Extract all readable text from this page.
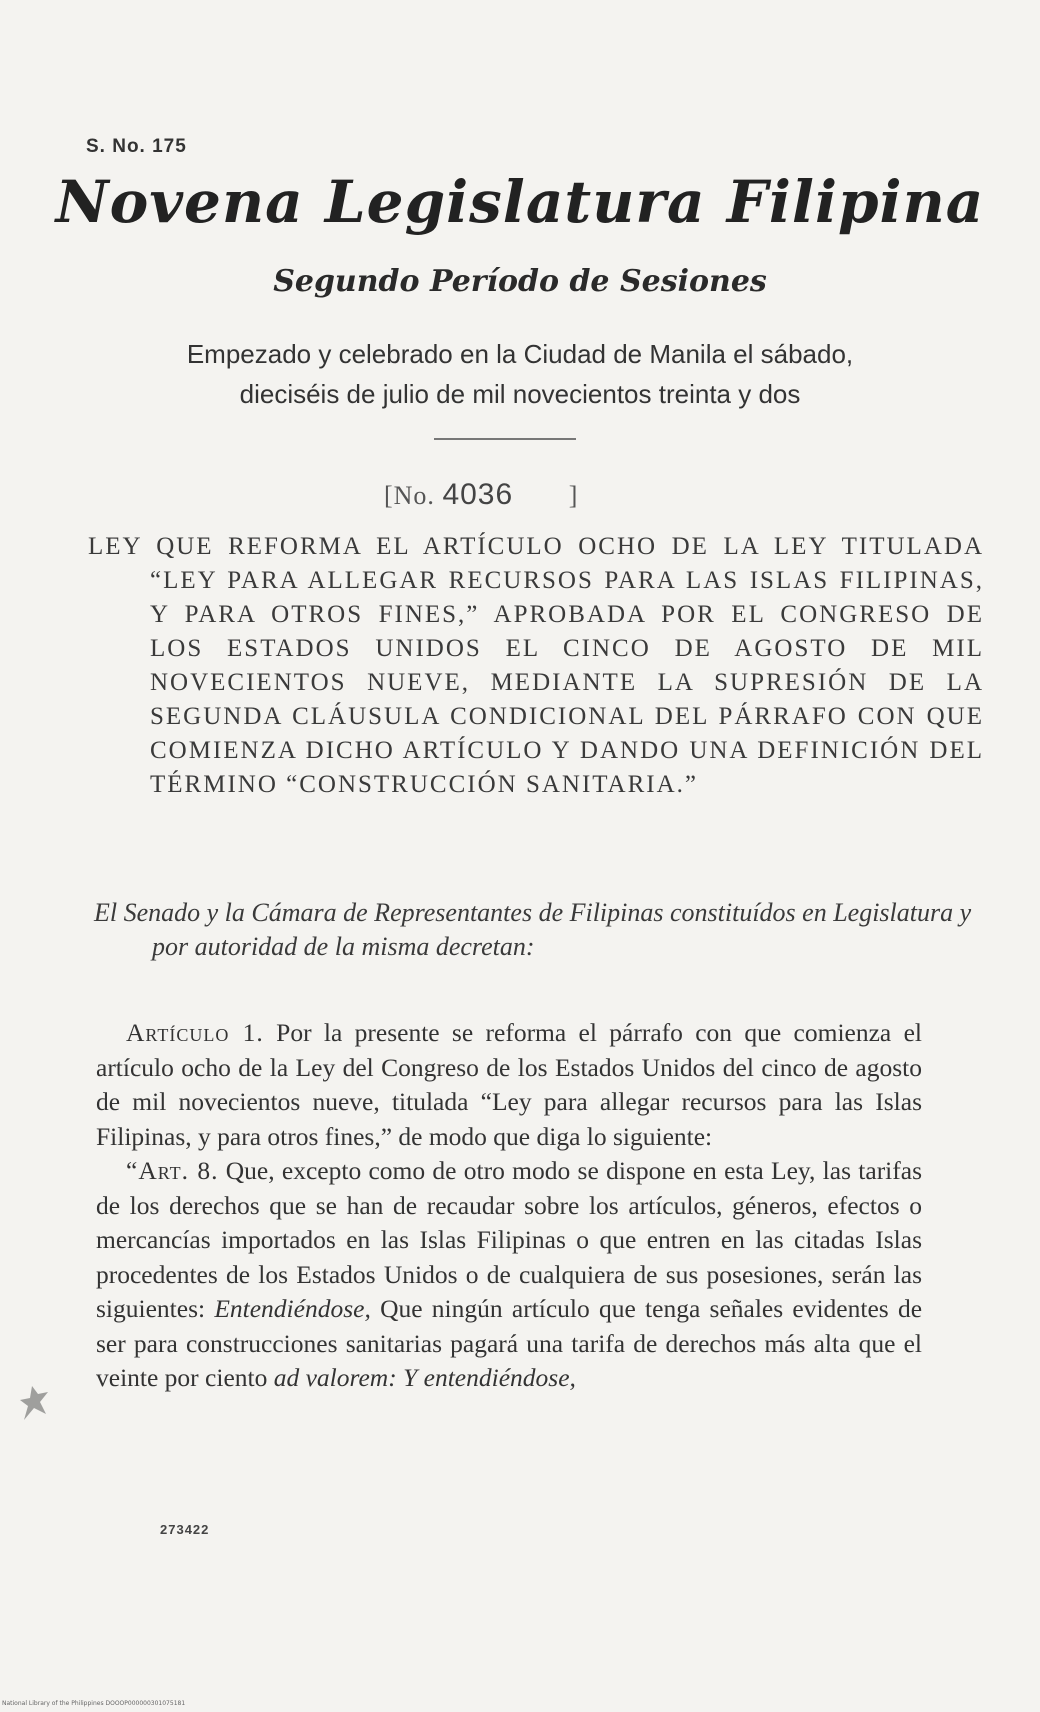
S. No. 175
Novena Legislatura Filipina
Segundo Período de Sesiones
Empezado y celebrado en la Ciudad de Manila el sábado,
dieciséis de julio de mil novecientos treinta y dos
[No. 4036 ]
LEY QUE REFORMA EL ARTÍCULO OCHO DE LA LEY TITULADA “LEY PARA ALLEGAR RECURSOS PARA LAS ISLAS FILIPINAS, Y PARA OTROS FINES,” APROBADA POR EL CONGRESO DE LOS ESTADOS UNIDOS EL CINCO DE AGOSTO DE MIL NOVECIENTOS NUEVE, MEDIANTE LA SUPRESIÓN DE LA SEGUNDA CLÁUSULA CONDICIONAL DEL PÁRRAFO CON QUE COMIENZA DICHO ARTÍCULO Y DANDO UNA DEFINICIÓN DEL TÉRMINO “CONSTRUCCIÓN SANITARIA.”
El Senado y la Cámara de Representantes de Filipinas constituídos en Legislatura y por autoridad de la misma decretan:

Artículo 1. Por la presente se reforma el párrafo con que comienza el artículo ocho de la Ley del Congreso de los Estados Unidos del cinco de agosto de mil novecientos nueve, titulada “Ley para allegar recursos para las Islas Filipinas, y para otros fines,” de modo que diga lo siguiente:

“Art. 8. Que, excepto como de otro modo se dispone en esta Ley, las tarifas de los derechos que se han de recaudar sobre los artículos, géneros, efectos o mercancías importados en las Islas Filipinas o que entren en las citadas Islas procedentes de los Estados Unidos o de cualquiera de sus posesiones, serán las siguientes: Entendiéndose, Que ningún artículo que tenga señales evidentes de ser para construcciones sanitarias pagará una tarifa de derechos más alta que el veinte por ciento ad valorem: Y entendiéndose,

273422
National Library of the Philippines DOOOP000000301075181
